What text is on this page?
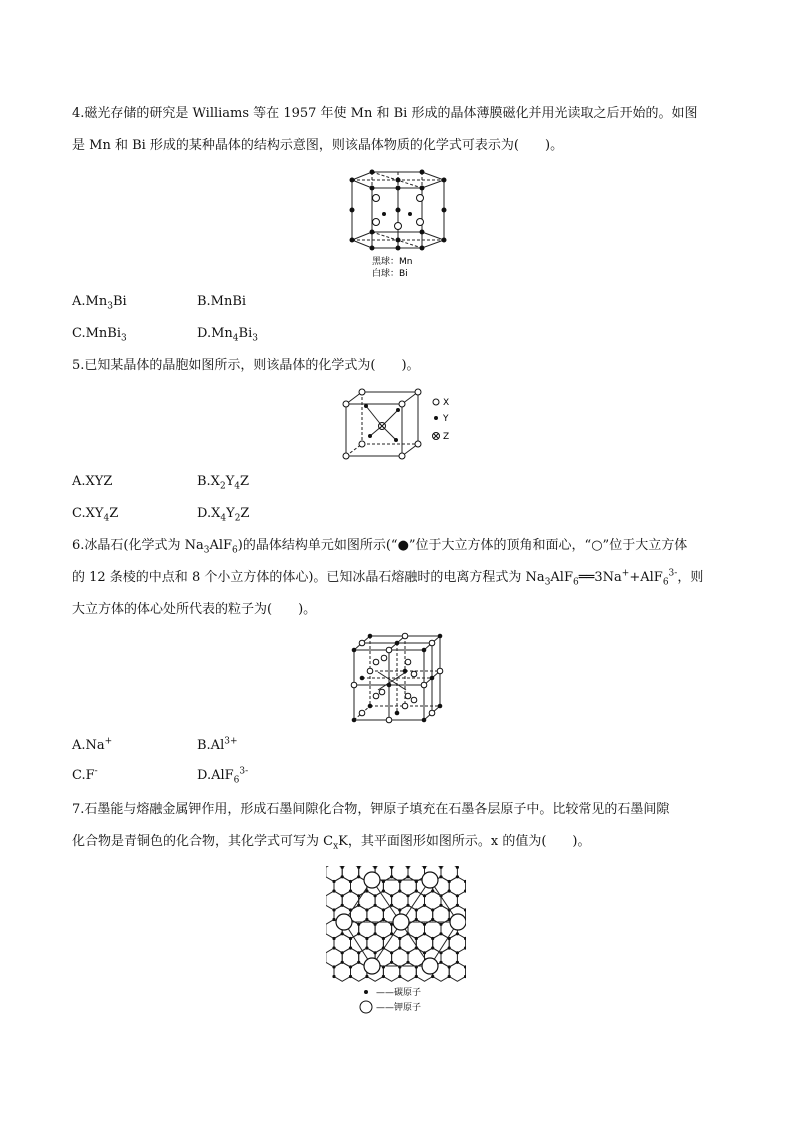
4.磁光存储的研究是 Williams 等在 1957 年使 Mn 和 Bi 形成的晶体薄膜磁化并用光读取之后开始的。如图
是 Mn 和 Bi 形成的某种晶体的结构示意图，则该晶体物质的化学式可表示为(　　)。

黑球：Mn
白球：Bi
$A.Mn_3Bi$	B.MnBi
C.MnBi$_3$	$D.Mn_4Bi_3$

5.已知某晶体的晶胞如图所示，则该晶体的化学式为(　　)。

X
Y
Z
A.XYZ	$B.X_2Y_4Z$
$C.XY_4Z$	$D.X_4Y_2Z$

6.冰晶石(化学式为 $Na_3AlF_6$)的晶体结构单元如图所示(“●”位于大立方体的顶角和面心，“○”位于大立方体
的 12 条棱的中点和 8 个小立方体的体心)。已知冰晶石熔融时的电离方程式为 $Na_3AlF_6══3Na^++AlF_6^{3-}$，则
大立方体的体心处所代表的粒子为(　　)。

A.Na+	$B.Al^{3+}$
C.F-	D.AlF$_6^{3-}$

7.石墨能与熔融金属钾作用，形成石墨间隙化合物，钾原子填充在石墨各层原子中。比较常见的石墨间隙
化合物是青铜色的化合物，其化学式可写为 $C_xK$，其平面图形如图所示。x 的值为(　　)。

——碳原子
——钾原子
